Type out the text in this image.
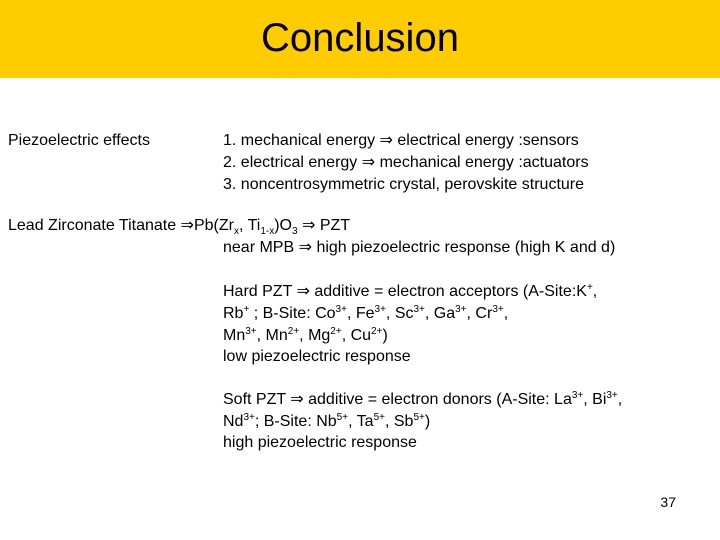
Conclusion
Piezoelectric effects	1. mechanical energy ⇒ electrical energy :sensors
2. electrical energy ⇒ mechanical energy :actuators
3. noncentrosymmetric crystal, perovskite structure
Lead Zirconate Titanate $\Rightarrow Pb(Zr_x$, $Ti_{1-x})O_3$ ⇒ PZT
near MPB ⇒ high piezoelectric response (high K and d)
Hard PZT ⇒ additive = electron acceptors (A-Site:K+,
Rb+ ; B-Site: $Co^{3+}$, $Fe^{3+}$, $Sc^{3+}$, $Ga^{3+}$, $Cr^{3+}$,
$Mn^{3+}$, $Mn^{2+}$, $Mg^{2+}$, $Cu^{2+}$)
low piezoelectric response
Soft PZT ⇒ additive = electron donors (A-Site: $La^{3+}$, $Bi^{3+}$,
$Nd^{3+}$; B-Site: $Nb^{5+}$, $Ta^{5+}$, $Sb^{5+}$)
high piezoelectric response
37
